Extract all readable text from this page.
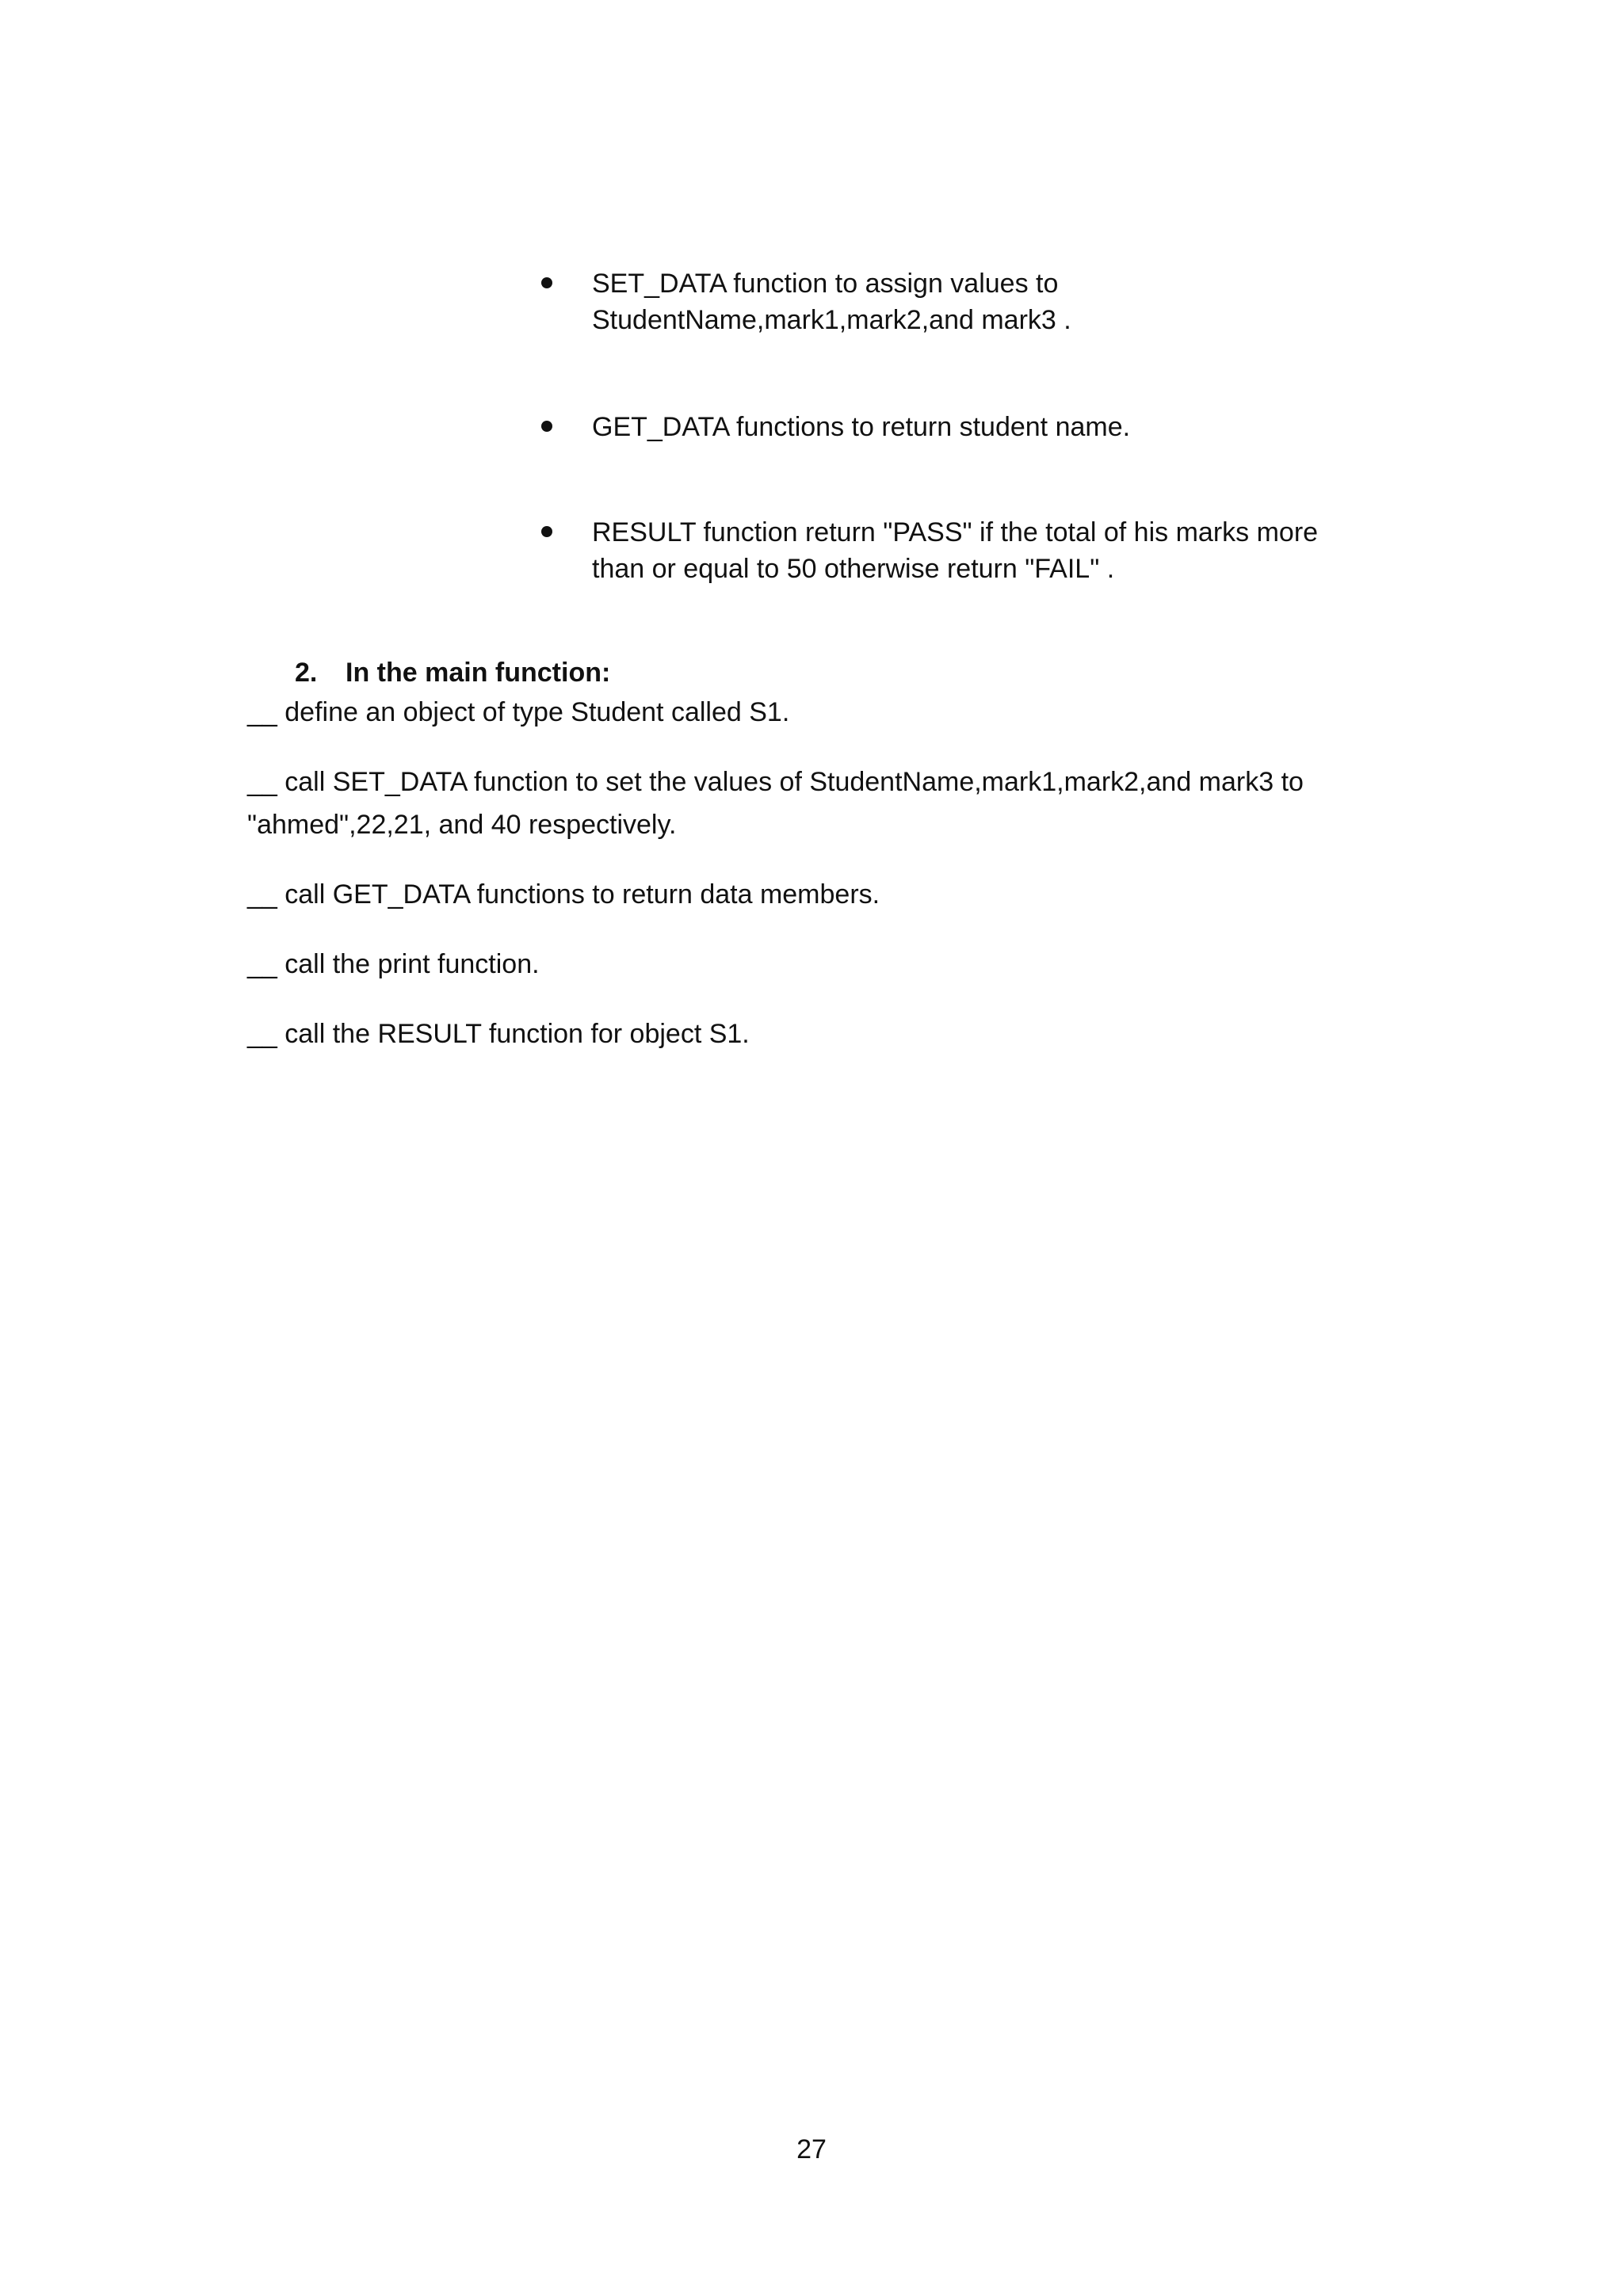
SET_DATA function to assign values to
StudentName,mark1,mark2,and mark3 .
GET_DATA functions to return student name.
RESULT function return "PASS" if the total of his marks more
than or equal to 50 otherwise return "FAIL" .
2. In the main function:
__ define an object of type Student called S1.
__ call SET_DATA function to set the values of StudentName,mark1,mark2,and mark3 to "ahmed",22,21, and 40 respectively.
__ call GET_DATA functions to return data members.
__ call the print function.
__ call the RESULT function for object S1.
27
